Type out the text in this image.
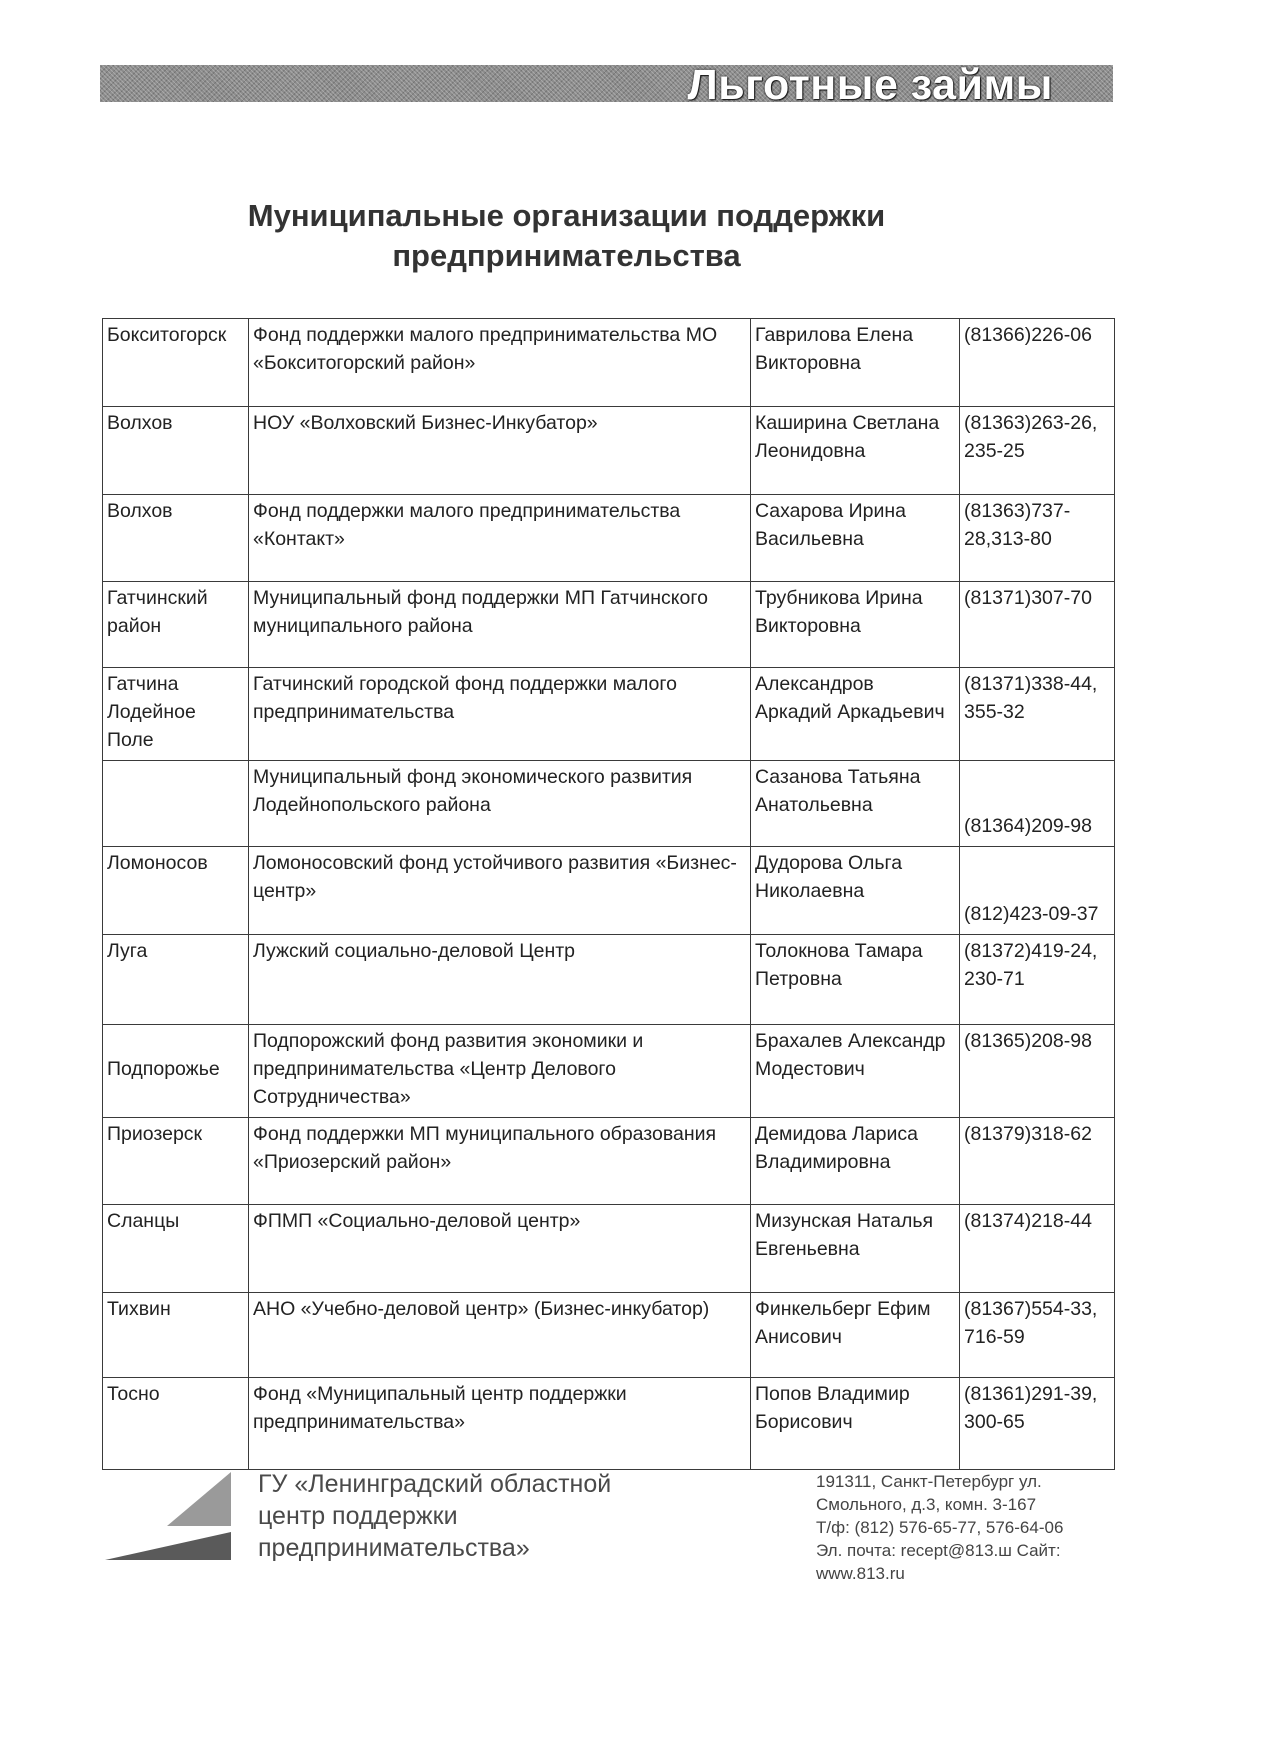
Льготные займы
Муниципальные организации поддержки
предпринимательства
Бокситогорск	Фонд поддержки малого предпринимательства МО «Бокситогорский район»	Гаврилова Елена Викторовна	(81366)226-06
Волхов	НОУ «Волховский Бизнес-Инкубатор»	Каширина Светлана Леонидовна	(81363)263-26, 235-25
Волхов	Фонд поддержки малого предпринимательства «Контакт»	Сахарова Ирина Васильевна	(81363)737-28,313-80
Гатчинский район	Муниципальный фонд поддержки МП Гатчинского муниципального района	Трубникова Ирина Викторовна	(81371)307-70
Гатчина Лодейное Поле	Гатчинский городской фонд поддержки малого предпринимательства	Александров Аркадий Аркадьевич	(81371)338-44, 355-32
	Муниципальный фонд экономического развития Лодейнопольского района	Сазанова Татьяна Анатольевна	(81364)209-98
Ломоносов	Ломоносовский фонд устойчивого развития «Бизнес-центр»	Дудорова Ольга Николаевна	(812)423-09-37
Луга	Лужский социально-деловой Центр	Толокнова Тамара Петровна	(81372)419-24, 230-71
Подпорожье	Подпорожский фонд развития экономики и предпринимательства «Центр Делового Сотрудничества»	Брахалев Александр Модестович	(81365)208-98
Приозерск	Фонд поддержки МП муниципального образования «Приозерский район»	Демидова Лариса Владимировна	(81379)318-62
Сланцы	ФПМП «Социально-деловой центр»	Мизунская Наталья Евгеньевна	(81374)218-44
Тихвин	АНО «Учебно-деловой центр» (Бизнес-инкубатор)	Финкельберг Ефим Анисович	(81367)554-33, 716-59
Тосно	Фонд «Муниципальный центр поддержки предпринимательства»	Попов Владимир Борисович	(81361)291-39, 300-65
ГУ «Ленинградский областной
центр поддержки
предпринимательства»
191311, Санкт-Петербург ул.
Смольного, д.3, комн. 3-167
Т/ф: (812) 576-65-77, 576-64-06
Эл. почта: recept@813.ш Сайт:
www.813.ru
